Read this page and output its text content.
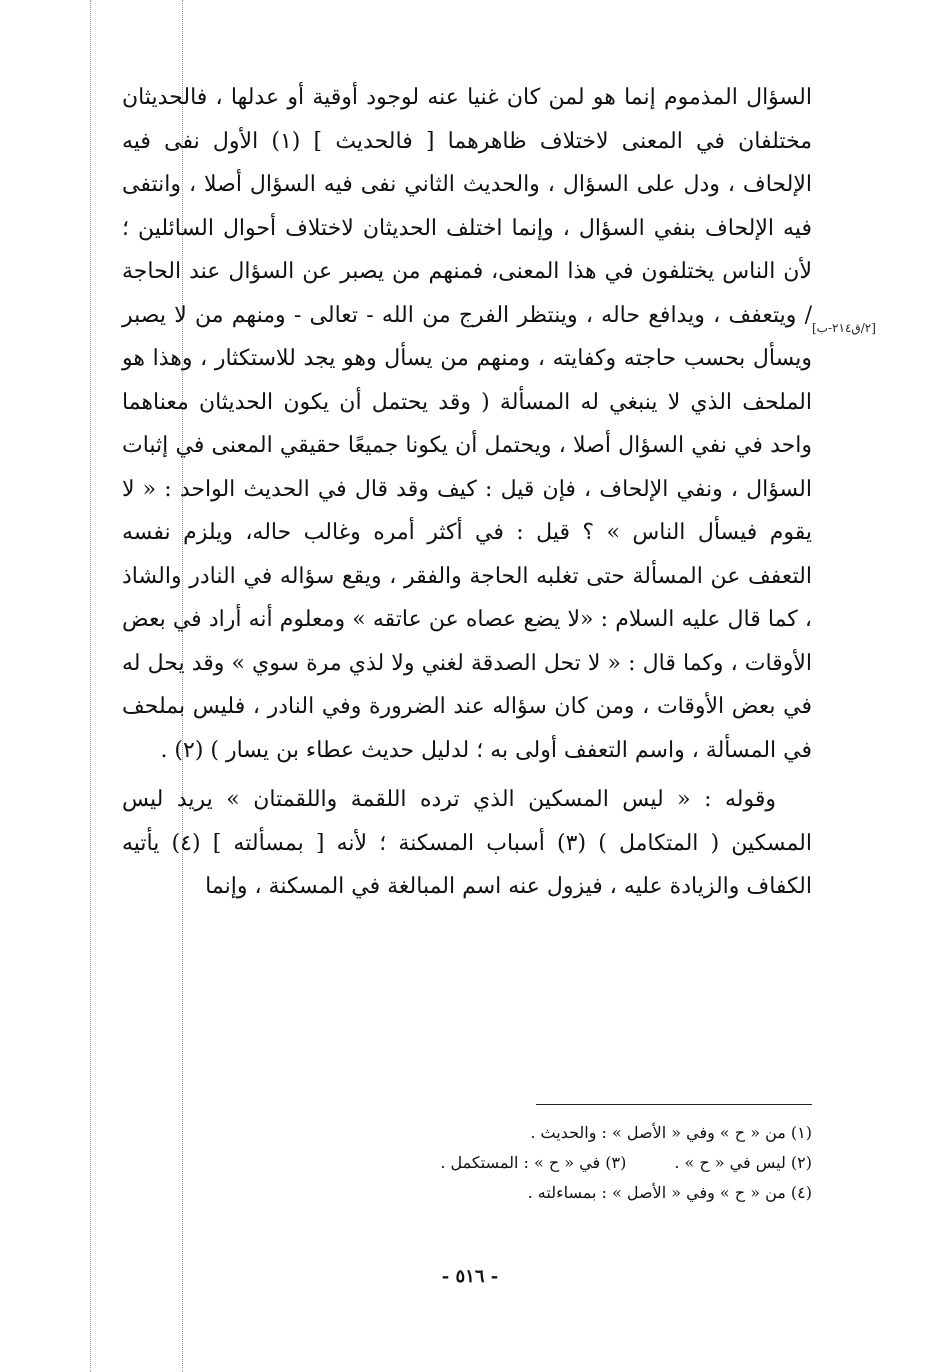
[٢/ق٢١٤-ب]

السؤال المذموم إنما هو لمن كان غنيا عنه لوجود أوقية أو عدلها ، فالحديثان مختلفان في المعنى لاختلاف ظاهرهما [ فالحديث ] (١) الأول نفى فيه الإلحاف ، ودل على السؤال ، والحديث الثاني نفى فيه السؤال أصلا ، وانتفى فيه الإلحاف بنفي السؤال ، وإنما اختلف الحديثان لاختلاف أحوال السائلين ؛ لأن الناس يختلفون في هذا المعنى، فمنهم من يصبر عن السؤال عند الحاجة / ويتعفف ، ويدافع حاله ، وينتظر الفرج من الله - تعالى - ومنهم من لا يصبر ويسأل بحسب حاجته وكفايته ، ومنهم من يسأل وهو يجد للاستكثار ، وهذا هو الملحف الذي لا ينبغي له المسألة ( وقد يحتمل أن يكون الحديثان معناهما واحد في نفي السؤال أصلا ، ويحتمل أن يكونا جميعًا حقيقي المعنى في إثبات السؤال ، ونفي الإلحاف ، فإن قيل : كيف وقد قال في الحديث الواحد : « لا يقوم فيسأل الناس » ؟ قيل : في أكثر أمره وغالب حاله، ويلزم نفسه التعفف عن المسألة حتى تغلبه الحاجة والفقر ، ويقع سؤاله في النادر والشاذ ، كما قال عليه السلام : «لا يضع عصاه عن عاتقه » ومعلوم أنه أراد في بعض الأوقات ، وكما قال : « لا تحل الصدقة لغني ولا لذي مرة سوي » وقد يحل له في بعض الأوقات ، ومن كان سؤاله عند الضرورة وفي النادر ، فليس بملحف في المسألة ، واسم التعفف أولى به ؛ لدليل حديث عطاء بن يسار ) (٢) .

وقوله : « ليس المسكين الذي ترده اللقمة واللقمتان » يريد ليس المسكين ( المتكامل ) (٣) أسباب المسكنة ؛ لأنه [ بمسألته ] (٤) يأتيه الكفاف والزيادة عليه ، فيزول عنه اسم المبالغة في المسكنة ، وإنما

(١) من « ح » وفي « الأصل » : والحديث .
(٢) ليس في « ح » .
(٣) في « ح » : المستكمل .
(٤) من « ح » وفي « الأصل » : بمساءلته .
- ٥١٦ -
